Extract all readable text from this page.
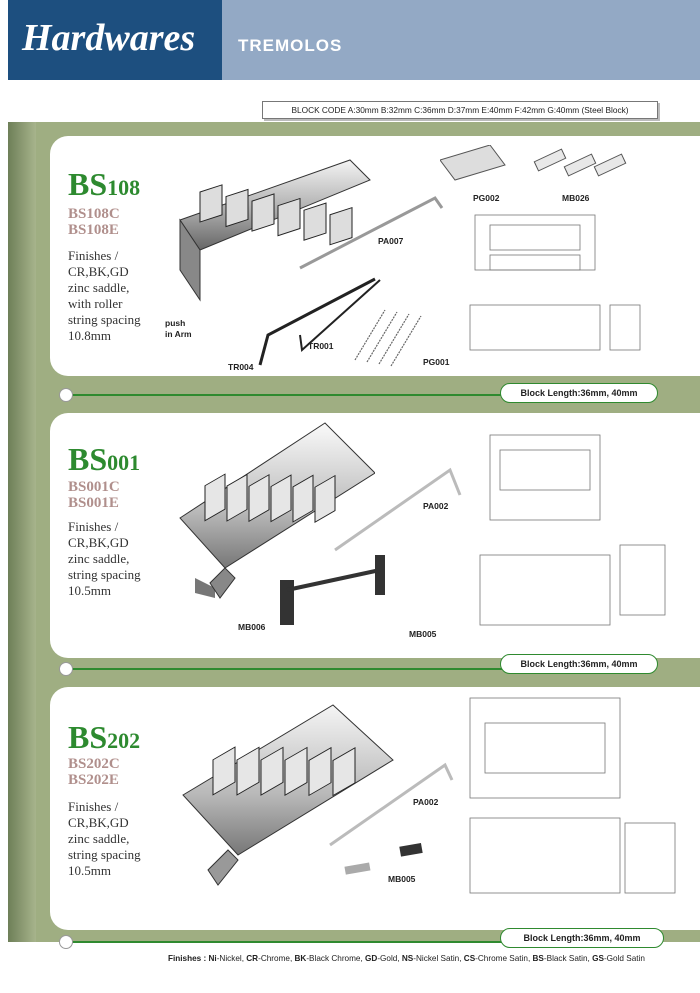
Hardwares	TREMOLOS
BLOCK CODE A:30mm B:32mm C:36mm D:37mm E:40mm F:42mm G:40mm (Steel Block)
Block Length:36mm, 40mm
Block Length:36mm, 40mm
Block Length:36mm, 40mm
BS108
BS108C
BS108E
Finishes /
CR,BK,GD
zinc saddle,
with roller
string spacing
10.8mm
PG002	MB026
PA007
push
in Arm
TR001
TR004	PG001
BS001
BS001C
BS001E
Finishes /
CR,BK,GD
zinc saddle,
string spacing
10.5mm
PA002
MB006
MB005
BS202
BS202C
BS202E
Finishes /
CR,BK,GD
zinc saddle,
string spacing
10.5mm
PA002
MB005
Finishes : Ni-Nickel, CR-Chrome, BK-Black Chrome, GD-Gold, NS-Nickel Satin, CS-Chrome Satin, BS-Black Satin, GS-Gold Satin
